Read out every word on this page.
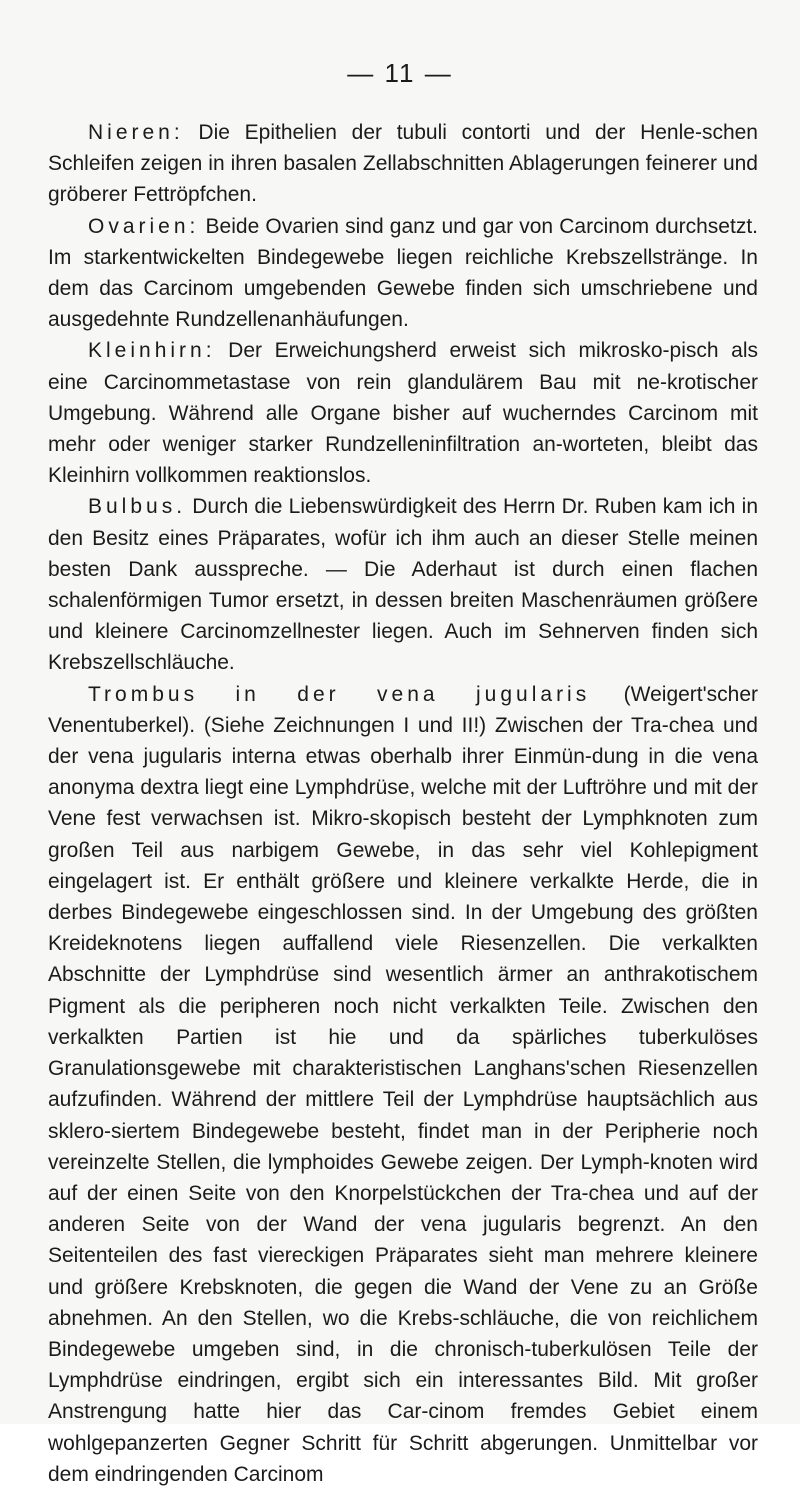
— 11 —

Nieren: Die Epithelien der tubuli contorti und der Henle-schen Schleifen zeigen in ihren basalen Zellabschnitten Ablagerungen feinerer und gröberer Fettröpfchen.

Ovarien: Beide Ovarien sind ganz und gar von Carcinom durchsetzt. Im starkentwickelten Bindegewebe liegen reichliche Krebszellstränge. In dem das Carcinom umgebenden Gewebe finden sich umschriebene und ausgedehnte Rundzellenanhäufungen.

Kleinhirn: Der Erweichungsherd erweist sich mikrosko-pisch als eine Carcinommetastase von rein glandulärem Bau mit ne-krotischer Umgebung. Während alle Organe bisher auf wucherndes Carcinom mit mehr oder weniger starker Rundzelleninfiltration an-worteten, bleibt das Kleinhirn vollkommen reaktionslos.

Bulbus. Durch die Liebenswürdigkeit des Herrn Dr. Ruben kam ich in den Besitz eines Präparates, wofür ich ihm auch an dieser Stelle meinen besten Dank ausspreche. — Die Aderhaut ist durch einen flachen schalenförmigen Tumor ersetzt, in dessen breiten Maschenräumen größere und kleinere Carcinomzellnester liegen. Auch im Sehnerven finden sich Krebszellschläuche.

Trombus in der vena jugularis (Weigert'scher Venentuberkel). (Siehe Zeichnungen I und II!) Zwischen der Tra-chea und der vena jugularis interna etwas oberhalb ihrer Einmün-dung in die vena anonyma dextra liegt eine Lymphdrüse, welche mit der Luftröhre und mit der Vene fest verwachsen ist. Mikro-skopisch besteht der Lymphknoten zum großen Teil aus narbigem Gewebe, in das sehr viel Kohlepigment eingelagert ist. Er enthält größere und kleinere verkalkte Herde, die in derbes Bindegewebe eingeschlossen sind. In der Umgebung des größten Kreideknotens liegen auffallend viele Riesenzellen. Die verkalkten Abschnitte der Lymphdrüse sind wesentlich ärmer an anthrakotischem Pigment als die peripheren noch nicht verkalkten Teile. Zwischen den verkalkten Partien ist hie und da spärliches tuberkulöses Granulationsgewebe mit charakteristischen Langhans'schen Riesenzellen aufzufinden. Während der mittlere Teil der Lymphdrüse hauptsächlich aus sklero-siertem Bindegewebe besteht, findet man in der Peripherie noch vereinzelte Stellen, die lymphoides Gewebe zeigen. Der Lymph-knoten wird auf der einen Seite von den Knorpelstückchen der Tra-chea und auf der anderen Seite von der Wand der vena jugularis begrenzt. An den Seitenteilen des fast viereckigen Präparates sieht man mehrere kleinere und größere Krebsknoten, die gegen die Wand der Vene zu an Größe abnehmen. An den Stellen, wo die Krebs-schläuche, die von reichlichem Bindegewebe umgeben sind, in die chronisch-tuberkulösen Teile der Lymphdrüse eindringen, ergibt sich ein interessantes Bild. Mit großer Anstrengung hatte hier das Car-cinom fremdes Gebiet einem wohlgepanzerten Gegner Schritt für Schritt abgerungen. Unmittelbar vor dem eindringenden Carcinom
